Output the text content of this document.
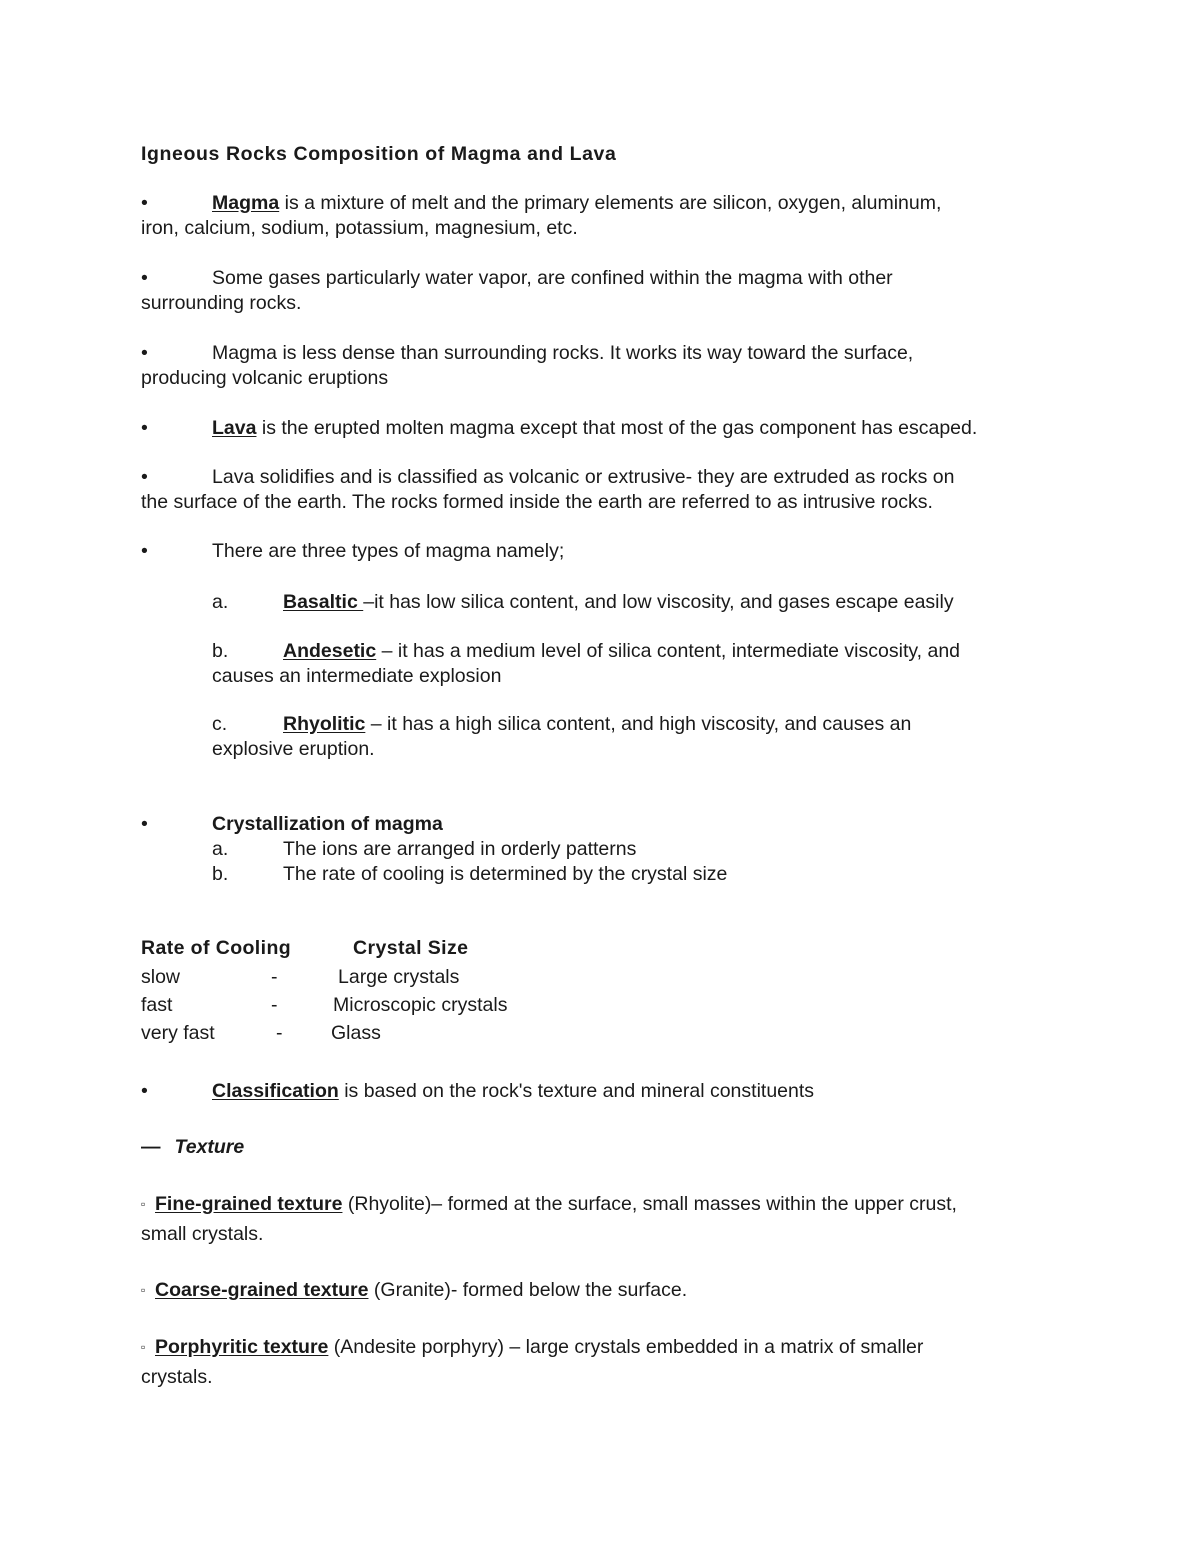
Igneous Rocks Composition of Magma and Lava
•	Magma is a mixture of melt and the primary elements are silicon, oxygen, aluminum,
iron, calcium, sodium, potassium, magnesium, etc.
•	Some gases particularly water vapor, are confined within the magma with other
surrounding rocks.
•	Magma is less dense than surrounding rocks. It works its way toward the surface,
producing volcanic eruptions
•	Lava is the erupted molten magma except that most of the gas component has escaped.
•	Lava solidifies and is classified as volcanic or extrusive- they are extruded as rocks on
the surface of the earth. The rocks formed inside the earth are referred to as intrusive rocks.
•	There are three types of magma namely;
a.	Basaltic –it has low silica content, and low viscosity, and gases escape easily
b.	Andesetic – it has a medium level of silica content, intermediate viscosity, and
causes an intermediate explosion
c.	Rhyolitic – it has a high silica content, and high viscosity, and causes an
explosive eruption.
•	Crystallization of magma
a.	The ions are arranged in orderly patterns
b.	The rate of cooling is determined by the crystal size
Rate of Cooling	Crystal Size
slow	-	Large crystals
fast	-	Microscopic crystals
very fast	- Glass
•	Classification is based on the rock's texture and mineral constituents
— Texture
▫ Fine-grained texture (Rhyolite)– formed at the surface, small masses within the upper crust,
small crystals.
▫ Coarse-grained texture (Granite)- formed below the surface.
▫ Porphyritic texture (Andesite porphyry) – large crystals embedded in a matrix of smaller
crystals.
